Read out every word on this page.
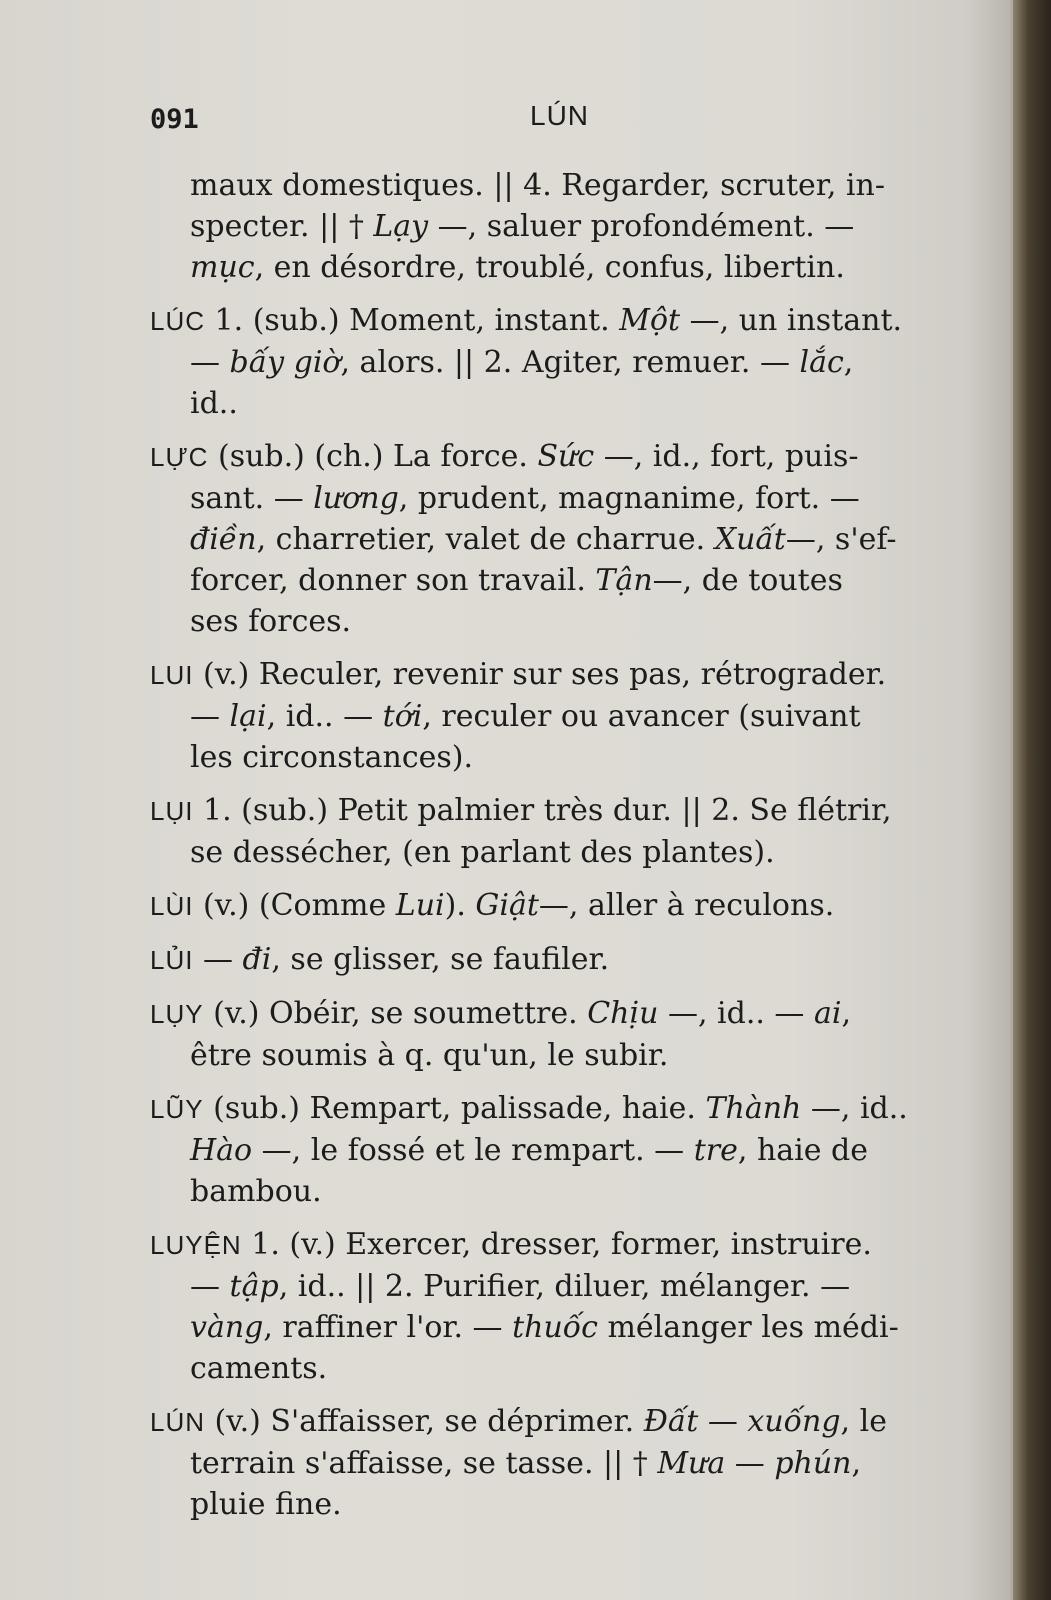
091	LÚN
maux domestiques. || 4. Regarder, scruter, in-
specter. || † Lạy —, saluer profondément. —
mục, en désordre, troublé, confus, libertin.
LÚC 1. (sub.) Moment, instant. Một —, un instant.
— bấy giờ, alors. || 2. Agiter, remuer. — lắc,
id..
LỰC (sub.) (ch.) La force. Sức —, id., fort, puis-
sant. — lương, prudent, magnanime, fort. —
điền, charretier, valet de charrue. Xuất—, s'ef-
forcer, donner son travail. Tận—, de toutes
ses forces.
LUI (v.) Reculer, revenir sur ses pas, rétrograder.
— lại, id.. — tới, reculer ou avancer (suivant
les circonstances).
LỤI 1. (sub.) Petit palmier très dur. || 2. Se flétrir,
se dessécher, (en parlant des plantes).
LÙI (v.) (Comme Lui). Giật—, aller à reculons.
LỦI — đi, se glisser, se faufiler.
LỤY (v.) Obéir, se soumettre. Chịu —, id.. — ai,
être soumis à q. qu'un, le subir.
LŨY (sub.) Rempart, palissade, haie. Thành —, id..
Hào —, le fossé et le rempart. — tre, haie de
bambou.
LUYỆN 1. (v.) Exercer, dresser, former, instruire.
— tập, id.. || 2. Purifier, diluer, mélanger. —
vàng, raffiner l'or. — thuốc mélanger les médi-
caments.
LÚN (v.) S'affaisser, se déprimer. Đất — xuống, le
terrain s'affaisse, se tasse. || † Mưa — phún,
pluie fine.
